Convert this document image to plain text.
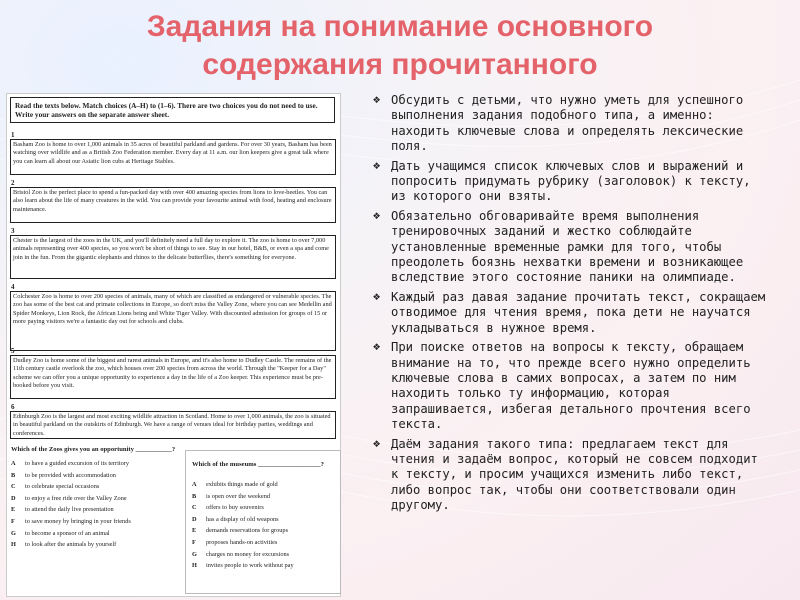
Задания на понимание основного
содержания прочитанного
Read the texts below. Match choices (A–H) to (1–6). There are two choices you do not need to use. Write your answers on the separate answer sheet.
1
Basham Zoo is home to over 1,000 animals in 35 acres of beautiful parkland and gardens. For over 30 years, Basham has been watching over wildlife and as a British Zoo Federation member. Every day at 11 a.m. our lion keepers give a great talk where you can learn all about our Asiatic lion cubs at Heritage Stables.
2
Bristol Zoo is the perfect place to spend a fun-packed day with over 400 amazing species from lions to love-beetles. You can also learn about the life of many creatures in the wild. You can provide your favourite animal with food, heating and enclosure maintenance.
3
Chester is the largest of the zoos in the UK, and you'll definitely need a full day to explore it. The zoo is home to over 7,000 animals representing over 400 species, so you won't be short of things to see. Stay in our hotel, B&B, or even a spa and come join in the fun. From the gigantic elephants and rhinos to the delicate butterflies, there's something for everyone.
4
Colchester Zoo is home to over 200 species of animals, many of which are classified as endangered or vulnerable species. The zoo has some of the best cat and primate collections in Europe, so don't miss the Valley Zone, where you can see Medellin and Spider Monkeys, Lion Rock, the African Lions being and White Tiger Valley. With discounted admission for groups of 15 or more paying visitors we're a fantastic day out for schools and clubs.
5
Dudley Zoo is home some of the biggest and rarest animals in Europe, and it's also home to Dudley Castle. The remains of the 11th century castle overlook the zoo, which houses over 200 species from across the world. Through the "Keeper for a Day" scheme we can offer you a unique opportunity to experience a day in the life of a Zoo keeper. This experience must be pre-booked before you visit.
6
Edinburgh Zoo is the largest and most exciting wildlife attraction in Scotland. Home to over 1,000 animals, the zoo is situated in beautiful parkland on the outskirts of Edinburgh. We have a range of venues ideal for birthday parties, weddings and conferences.
Which of the Zoos gives you an opportunity ___________?
A to have a guided excursion of its territory
B to be provided with accommodation
C to celebrate special occasions
D to enjoy a free ride over the Valley Zone
E to attend the daily live presentation
F to save money by bringing in your friends
G to become a sponsor of an animal
H to look after the animals by yourself
Which of the museums ___________________?
A exhibits things made of gold
B is open over the weekend
C offers to buy souvenirs
D has a display of old weapons
E demands reservations for groups
F proposes hands-on activities
G charges no money for excursions
H invites people to work without pay
❖ Обсудить с детьми, что нужно уметь для успешного выполнения задания подобного типа, а именно: находить ключевые слова и определять лексические поля.
❖ Дать учащимся список ключевых слов и выражений и попросить придумать рубрику (заголовок) к тексту, из которого они взяты.
❖ Обязательно обговаривайте время выполнения тренировочных заданий и жестко соблюдайте установленные временные рамки для того, чтобы преодолеть боязнь нехватки времени и возникающее вследствие этого состояние паники на олимпиаде.
❖ Каждый раз давая задание прочитать текст, сокращаем отводимое для чтения время, пока дети не научатся укладываться в нужное время.
❖ При поиске ответов на вопросы к тексту, обращаем внимание на то, что прежде всего нужно определить ключевые слова в самих вопросах, а затем по ним находить только ту информацию, которая запрашивается, избегая детального прочтения всего текста.
❖ Даём задания такого типа: предлагаем текст для чтения и задаём вопрос, который не совсем подходит к тексту, и просим учащихся изменить либо текст, либо вопрос так, чтобы они соответствовали один другому.
